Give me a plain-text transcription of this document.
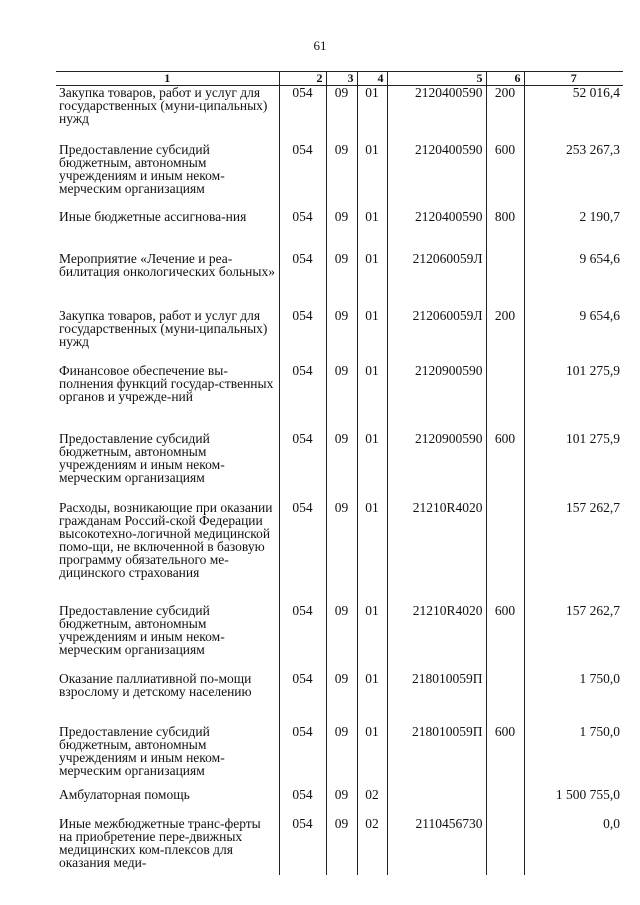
61
1	2	3	4	5	6	7
Закупка товаров, работ и услуг для государственных (муни-ципальных) нужд	054	09	01	2120400590	200	52 016,4
Предоставление субсидий бюджетным, автономным учреждениям и иным неком-мерческим организациям	054	09	01	2120400590	600	253 267,3
Иные бюджетные ассигнова-ния	054	09	01	2120400590	800	2 190,7
Мероприятие «Лечение и реа-билитация онкологических больных»	054	09	01	212060059Л		9 654,6
Закупка товаров, работ и услуг для государственных (муни-ципальных) нужд	054	09	01	212060059Л	200	9 654,6
Финансовое обеспечение вы-полнения функций государ-ственных органов и учрежде-ний	054	09	01	2120900590		101 275,9
Предоставление субсидий бюджетным, автономным учреждениям и иным неком-мерческим организациям	054	09	01	2120900590	600	101 275,9
Расходы, возникающие при оказании гражданам Россий-ской Федерации высокотехно-логичной медицинской помо-щи, не включенной в базовую программу обязательного ме-дицинского страхования	054	09	01	21210R4020		157 262,7
Предоставление субсидий бюджетным, автономным учреждениям и иным неком-мерческим организациям	054	09	01	21210R4020	600	157 262,7
Оказание паллиативной по-мощи взрослому и детскому населению	054	09	01	218010059П		1 750,0
Предоставление субсидий бюджетным, автономным учреждениям и иным неком-мерческим организациям	054	09	01	218010059П	600	1 750,0
Амбулаторная помощь	054	09	02			1 500 755,0
Иные межбюджетные транс-ферты на приобретение пере-движных медицинских ком-плексов для оказания меди-	054	09	02	2110456730		0,0
